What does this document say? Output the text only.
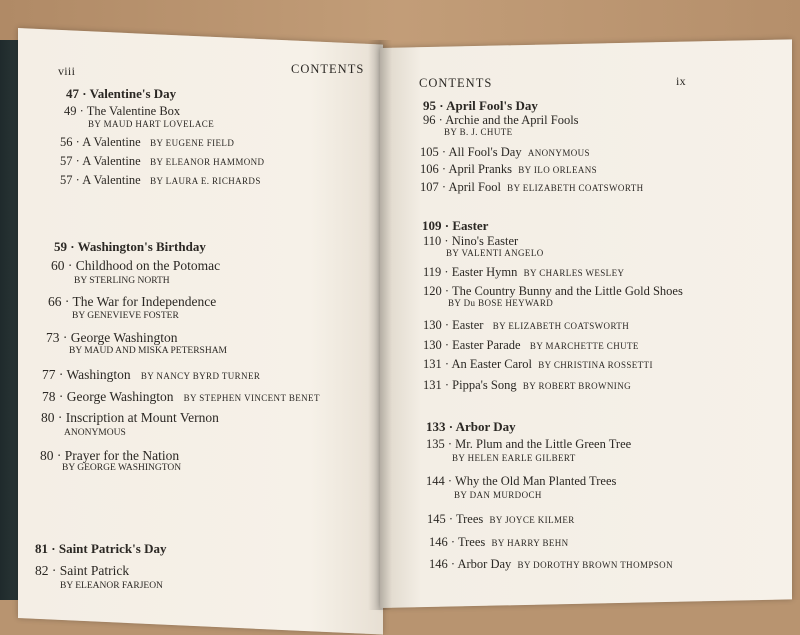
viii	CONTENTS
47 · Valentine's Day
49 · The Valentine Box
BY MAUD HART LOVELACE
56 · A Valentine BY EUGENE FIELD
57 · A Valentine BY ELEANOR HAMMOND
57 · A Valentine BY LAURA E. RICHARDS
59 · Washington's Birthday
60 · Childhood on the Potomac
BY STERLING NORTH
66 · The War for Independence
BY GENEVIEVE FOSTER
73 · George Washington
BY MAUD AND MISKA PETERSHAM
77 · Washington BY NANCY BYRD TURNER
78 · George Washington BY STEPHEN VINCENT BENET
80 · Inscription at Mount Vernon
ANONYMOUS
80 · Prayer for the Nation
BY GEORGE WASHINGTON
81 · Saint Patrick's Day
82 · Saint Patrick
BY ELEANOR FARJEON
CONTENTS	ix
95 · April Fool's Day
96 · Archie and the April Fools
BY B. J. CHUTE
105 · All Fool's Day ANONYMOUS
106 · April Pranks BY ILO ORLEANS
107 · April Fool BY ELIZABETH COATSWORTH
109 · Easter
110 · Nino's Easter
BY VALENTI ANGELO
119 · Easter Hymn BY CHARLES WESLEY
120 · The Country Bunny and the Little Gold Shoes
BY Du BOSE HEYWARD
130 · Easter BY ELIZABETH COATSWORTH
130 · Easter Parade BY MARCHETTE CHUTE
131 · An Easter Carol BY CHRISTINA ROSSETTI
131 · Pippa's Song BY ROBERT BROWNING
133 · Arbor Day
135 · Mr. Plum and the Little Green Tree
BY HELEN EARLE GILBERT
144 · Why the Old Man Planted Trees
BY DAN MURDOCH
145 · Trees BY JOYCE KILMER
146 · Trees BY HARRY BEHN
146 · Arbor Day BY DOROTHY BROWN THOMPSON
